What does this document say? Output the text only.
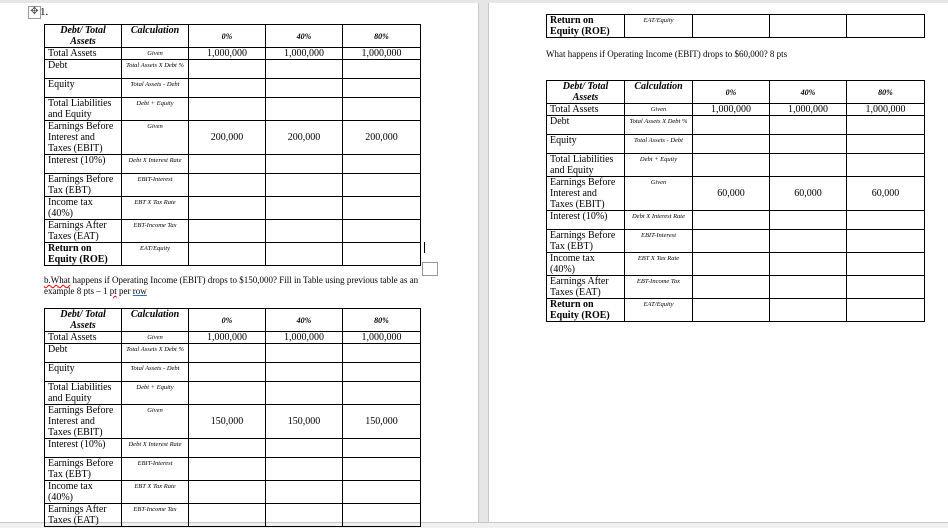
✥ 1.
Debt/ Total Assets	Calculation	0%	40%	80%
Total Assets	Given	1,000,000	1,000,000	1,000,000
Debt	Total Assets X Debt %			
Equity	Total Assets - Debt			
Total Liabilities and Equity	Debt + Equity			
Earnings Before Interest and Taxes (EBIT)	Given	200,000	200,000	200,000
Interest (10%)	Debt X Interest Rate			
Earnings Before Tax (EBT)	EBIT-Interest			
Income tax (40%)	EBT X Tax Rate			
Earnings After Taxes (EAT)	EBT-Income Tax			
Return on Equity (ROE)	EAT/Equity			
Debt/ Total Assets	Calculation	0%	40%	80%
Total Assets	Given	1,000,000	1,000,000	1,000,000
Debt	Total Assets X Debt %			
Equity	Total Assets - Debt			
Total Liabilities and Equity	Debt + Equity			
Earnings Before Interest and Taxes (EBIT)	Given	150,000	150,000	150,000
Interest (10%)	Debt X Interest Rate			
Earnings Before Tax (EBT)	EBIT-Interest			
Income tax (40%)	EBT X Tax Rate			
Earnings After Taxes (EAT)	EBT-Income Tax			
Return on Equity (ROE)	EAT/Equity			
Debt/ Total Assets	Calculation	0%	40%	80%
Total Assets	Given	1,000,000	1,000,000	1,000,000
Debt	Total Assets X Debt %			
Equity	Total Assets - Debt			
Total Liabilities and Equity	Debt + Equity			
Earnings Before Interest and Taxes (EBIT)	Given	60,000	60,000	60,000
Interest (10%)	Debt X Interest Rate			
Earnings Before Tax (EBT)	EBIT-Interest			
Income tax (40%)	EBT X Tax Rate			
Earnings After Taxes (EAT)	EBT-Income Tax			
Return on Equity (ROE)	EAT/Equity			
b.What happens if Operating Income (EBIT) drops to $150,000? Fill in Table using previous table as an example 8 pts – 1 pt per row
What happens if Operating Income (EBIT) drops to $60,000? 8 pts
